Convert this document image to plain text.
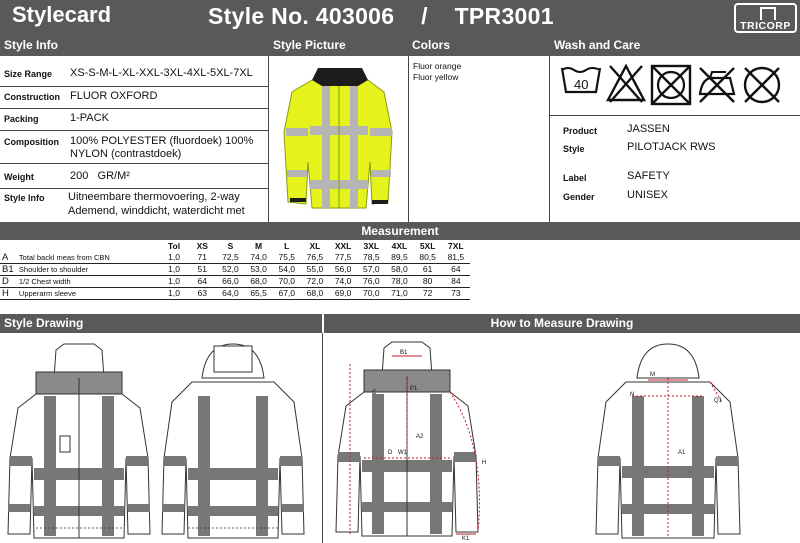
Stylecard	Style No. 403006    /    TPR3001	TRICORP
Style Info	Style Picture	Colors	Wash and Care
Size Range XS-S-M-L-XL-XXL-3XL-4XL-5XL-7XL
Construction FLUOR OXFORD
Packing	1-PACK
Composition 100% POLYESTER (fluordoek) 100% NYLON (contrastdoek)
Weight	200   GR/M²
Style Info Uitneembare thermovoering, 2-way
Ademend, winddicht, waterdicht met
Fluor orange
Fluor yellow	40
Product	JASSEN
Style	PILOTJACK RWS
Label	SAFETY
Gender	UNISEX
Measurement
		Tol	XS	S	M	L	XL	XXL	3XL	4XL	5XL	7XL
A	Total backl meas from CBN	1,0	71	72,5	74,0	75,5	76,5	77,5	78,5	89,5	80,5	81,5
B1	Shoulder to shoulder	1,0	51	52,0	53,0	54,0	55,0	56,0	57,0	58,0	61	64
D	1/2 Chest width	1,0	64	66,0	68,0	70,0	72,0	74,0	76,0	78,0	80	84
H	Upperarm sleeve	1,0	63	64,0	65,5	67,0	68,0	69,0	70,0	71,0	72	73
Style Drawing	How to Measure Drawing
B1
P1
A2
D W1
H
K1
C
M
N
Q1
A1
